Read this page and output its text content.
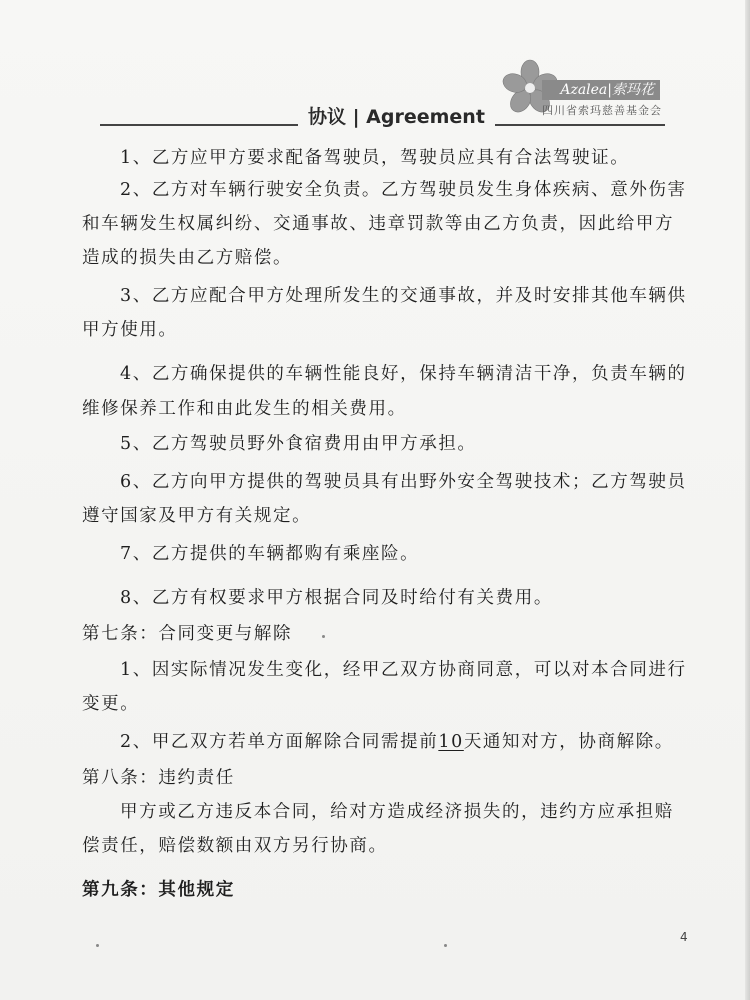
Azalea|索玛花
四川省索玛慈善基金会
协议 | Agreement
1、乙方应甲方要求配备驾驶员，驾驶员应具有合法驾驶证。
2、乙方对车辆行驶安全负责。乙方驾驶员发生身体疾病、意外伤害
和车辆发生权属纠纷、交通事故、违章罚款等由乙方负责，因此给甲方
造成的损失由乙方赔偿。
3、乙方应配合甲方处理所发生的交通事故，并及时安排其他车辆供
甲方使用。
4、乙方确保提供的车辆性能良好，保持车辆清洁干净，负责车辆的
维修保养工作和由此发生的相关费用。
5、乙方驾驶员野外食宿费用由甲方承担。
6、乙方向甲方提供的驾驶员具有出野外安全驾驶技术；乙方驾驶员
遵守国家及甲方有关规定。
7、乙方提供的车辆都购有乘座险。
8、乙方有权要求甲方根据合同及时给付有关费用。
第七条：合同变更与解除
1、因实际情况发生变化，经甲乙双方协商同意，可以对本合同进行
变更。
2、甲乙双方若单方面解除合同需提前10天通知对方，协商解除。
第八条：违约责任
甲方或乙方违反本合同，给对方造成经济损失的，违约方应承担赔
偿责任，赔偿数额由双方另行协商。
第九条：其他规定
4
